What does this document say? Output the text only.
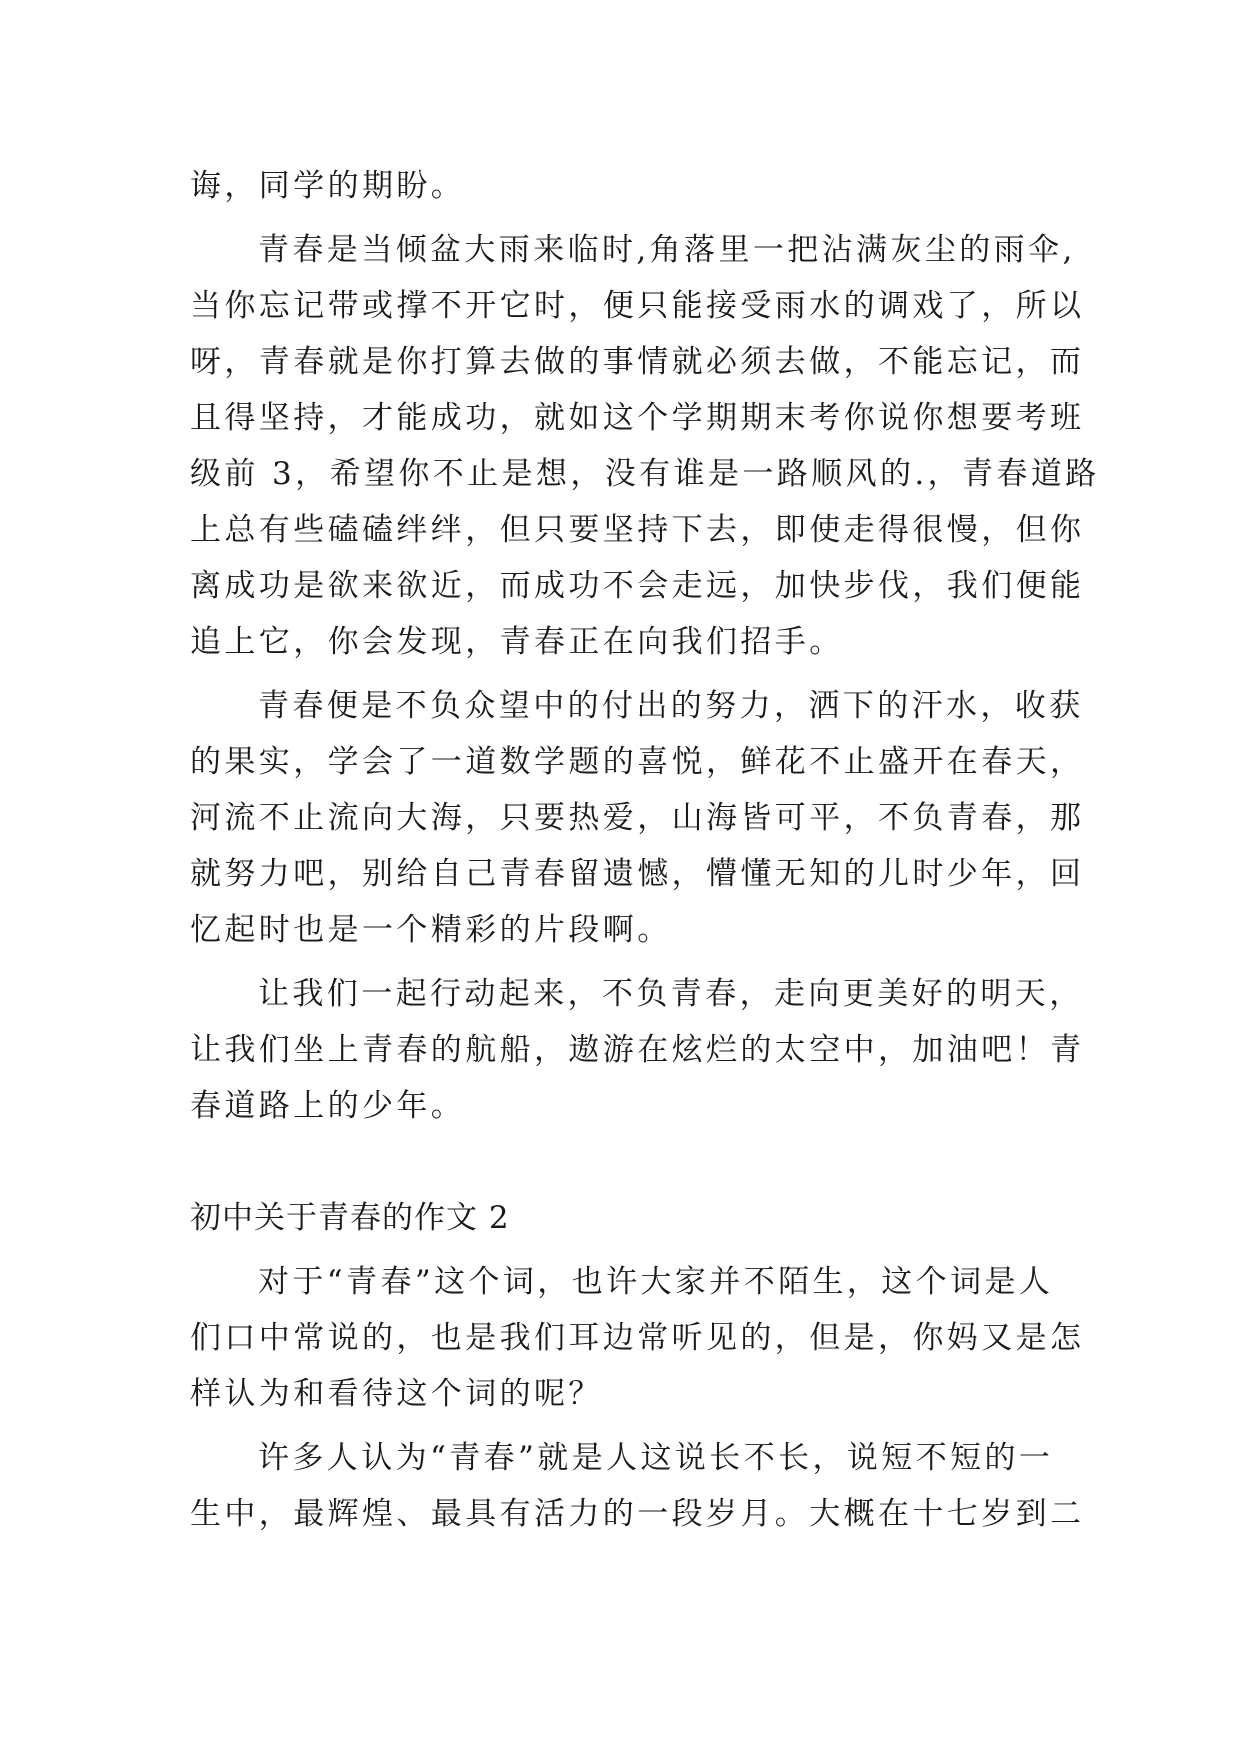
诲，同学的期盼。
青春是当倾盆大雨来临时,角落里一把沾满灰尘的雨伞,
当你忘记带或撑不开它时，便只能接受雨水的调戏了，所以
呀，青春就是你打算去做的事情就必须去做，不能忘记，而
且得坚持，才能成功，就如这个学期期末考你说你想要考班
级前 3，希望你不止是想，没有谁是一路顺风的.，青春道路
上总有些磕磕绊绊，但只要坚持下去，即使走得很慢，但你
离成功是欲来欲近，而成功不会走远，加快步伐，我们便能
追上它，你会发现，青春正在向我们招手。
青春便是不负众望中的付出的努力，洒下的汗水，收获
的果实，学会了一道数学题的喜悦，鲜花不止盛开在春天，
河流不止流向大海，只要热爱，山海皆可平，不负青春，那
就努力吧，别给自己青春留遗憾，懵懂无知的儿时少年，回
忆起时也是一个精彩的片段啊。
让我们一起行动起来，不负青春，走向更美好的明天，
让我们坐上青春的航船，遨游在炫烂的太空中，加油吧！青
春道路上的少年。
初中关于青春的作文 2
对于“青春”这个词，也许大家并不陌生，这个词是人
们口中常说的，也是我们耳边常听见的，但是，你妈又是怎
样认为和看待这个词的呢？
许多人认为“青春”就是人这说长不长，说短不短的一
生中，最辉煌、最具有活力的一段岁月。大概在十七岁到二
